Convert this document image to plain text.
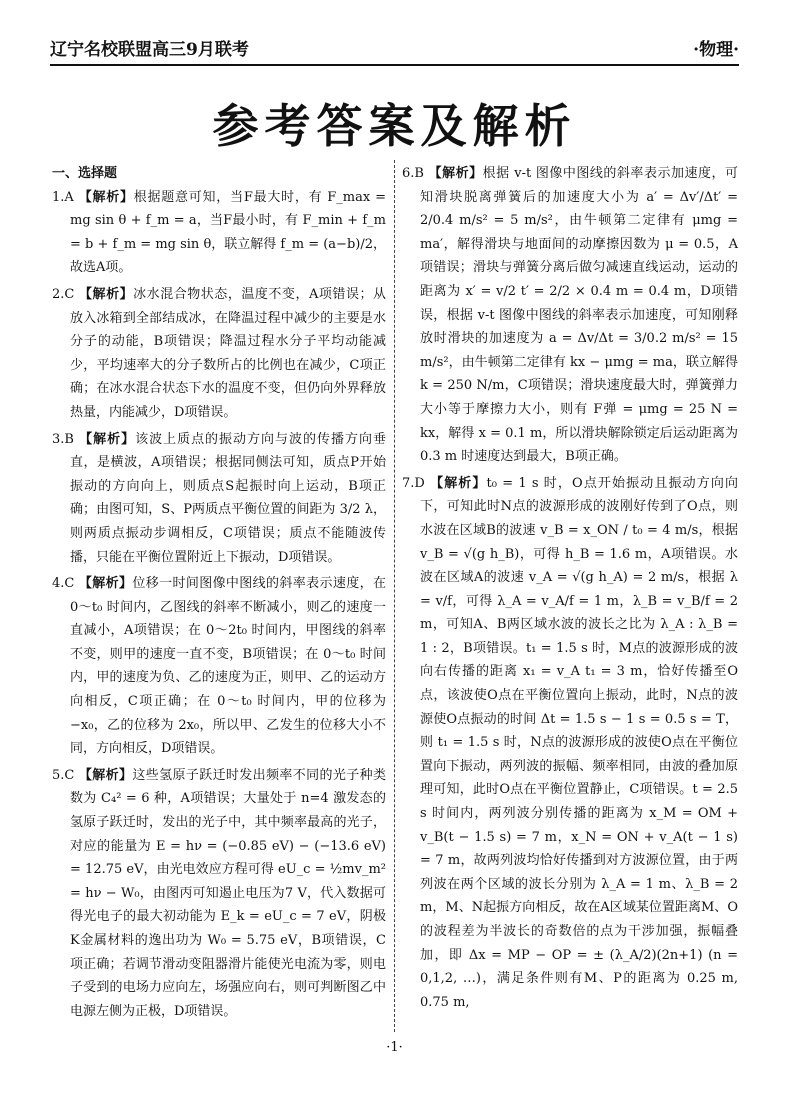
辽宁名校联盟高三9月联考	·物理·
参考答案及解析
一、选择题
1.A 【解析】根据题意可知，当F最大时，有 F_max = mg sin θ + f_m = a，当F最小时，有 F_min + f_m = b + f_m = mg sin θ，联立解得 f_m = (a−b)/2，故选A项。
2.C 【解析】冰水混合物状态，温度不变，A项错误；从放入冰箱到全部结成冰，在降温过程中减少的主要是水分子的动能，B项错误；降温过程水分子平均动能减少，平均速率大的分子数所占的比例也在减少，C项正确；在冰水混合状态下水的温度不变，但仍向外界释放热量，内能减少，D项错误。
3.B 【解析】该波上质点的振动方向与波的传播方向垂直，是横波，A项错误；根据同侧法可知，质点P开始振动的方向向上，则质点S起振时向上运动，B项正确；由图可知，S、P两质点平衡位置的间距为 3/2 λ，则两质点振动步调相反，C项错误；质点不能随波传播，只能在平衡位置附近上下振动，D项错误。
4.C 【解析】位移一时间图像中图线的斜率表示速度，在 0～t₀ 时间内，乙图线的斜率不断减小，则乙的速度一直减小，A项错误；在 0～2t₀ 时间内，甲图线的斜率不变，则甲的速度一直不变，B项错误；在 0～t₀ 时间内，甲的速度为负、乙的速度为正，则甲、乙的运动方向相反，C项正确；在 0～t₀ 时间内，甲的位移为 −x₀，乙的位移为 2x₀，所以甲、乙发生的位移大小不同，方向相反，D项错误。
5.C 【解析】这些氢原子跃迁时发出频率不同的光子种类数为 C₄² = 6 种，A项错误；大量处于 n=4 激发态的氢原子跃迁时，发出的光子中，其中频率最高的光子，对应的能量为 E = hν = (−0.85 eV) − (−13.6 eV) = 12.75 eV，由光电效应方程可得 eU_c = ½mv_m² = hν − W₀，由图丙可知遏止电压为7 V，代入数据可得光电子的最大初动能为 E_k = eU_c = 7 eV，阴极K金属材料的逸出功为 W₀ = 5.75 eV，B项错误，C项正确；若调节滑动变阻器滑片能使光电流为零，则电子受到的电场力应向左，场强应向右，则可判断图乙中电源左侧为正极，D项错误。
6.B 【解析】根据 v-t 图像中图线的斜率表示加速度，可知滑块脱离弹簧后的加速度大小为 a′ = Δv′/Δt′ = 2/0.4 m/s² = 5 m/s²，由牛顿第二定律有 μmg = ma′，解得滑块与地面间的动摩擦因数为 μ = 0.5，A项错误；滑块与弹簧分离后做匀减速直线运动，运动的距离为 x′ = v/2 t′ = 2/2 × 0.4 m = 0.4 m，D项错误，根据 v-t 图像中图线的斜率表示加速度，可知刚释放时滑块的加速度为 a = Δv/Δt = 3/0.2 m/s² = 15 m/s²，由牛顿第二定律有 kx − μmg = ma，联立解得 k = 250 N/m，C项错误；滑块速度最大时，弹簧弹力大小等于摩擦力大小，则有 F弹 = μmg = 25 N = kx，解得 x = 0.1 m，所以滑块解除锁定后运动距离为 0.3 m 时速度达到最大，B项正确。
7.D 【解析】t₀ = 1 s 时，O点开始振动且振动方向向下，可知此时N点的波源形成的波刚好传到了O点，则水波在区域B的波速 v_B = x_ON / t₀ = 4 m/s，根据 v_B = √(g h_B)，可得 h_B = 1.6 m，A项错误。水波在区域A的波速 v_A = √(g h_A) = 2 m/s，根据 λ = v/f，可得 λ_A = v_A/f = 1 m，λ_B = v_B/f = 2 m，可知A、B两区域水波的波长之比为 λ_A : λ_B = 1 : 2，B项错误。t₁ = 1.5 s 时，M点的波源形成的波向右传播的距离 x₁ = v_A t₁ = 3 m，恰好传播至O点，该波使O点在平衡位置向上振动，此时，N点的波源使O点振动的时间 Δt = 1.5 s − 1 s = 0.5 s = T，则 t₁ = 1.5 s 时，N点的波源形成的波使O点在平衡位置向下振动，两列波的振幅、频率相同，由波的叠加原理可知，此时O点在平衡位置静止，C项错误。t = 2.5 s 时间内，两列波分别传播的距离为 x_M = OM + v_B(t − 1.5 s) = 7 m，x_N = ON + v_A(t − 1 s) = 7 m，故两列波均恰好传播到对方波源位置，由于两列波在两个区域的波长分别为 λ_A = 1 m、λ_B = 2 m，M、N起振方向相反，故在A区域某位置距离M、O的波程差为半波长的奇数倍的点为干涉加强，振幅叠加，即 Δx = MP − OP = ± (λ_A/2)(2n+1) (n = 0,1,2, …)，满足条件则有M、P的距离为 0.25 m, 0.75 m,
·1·
